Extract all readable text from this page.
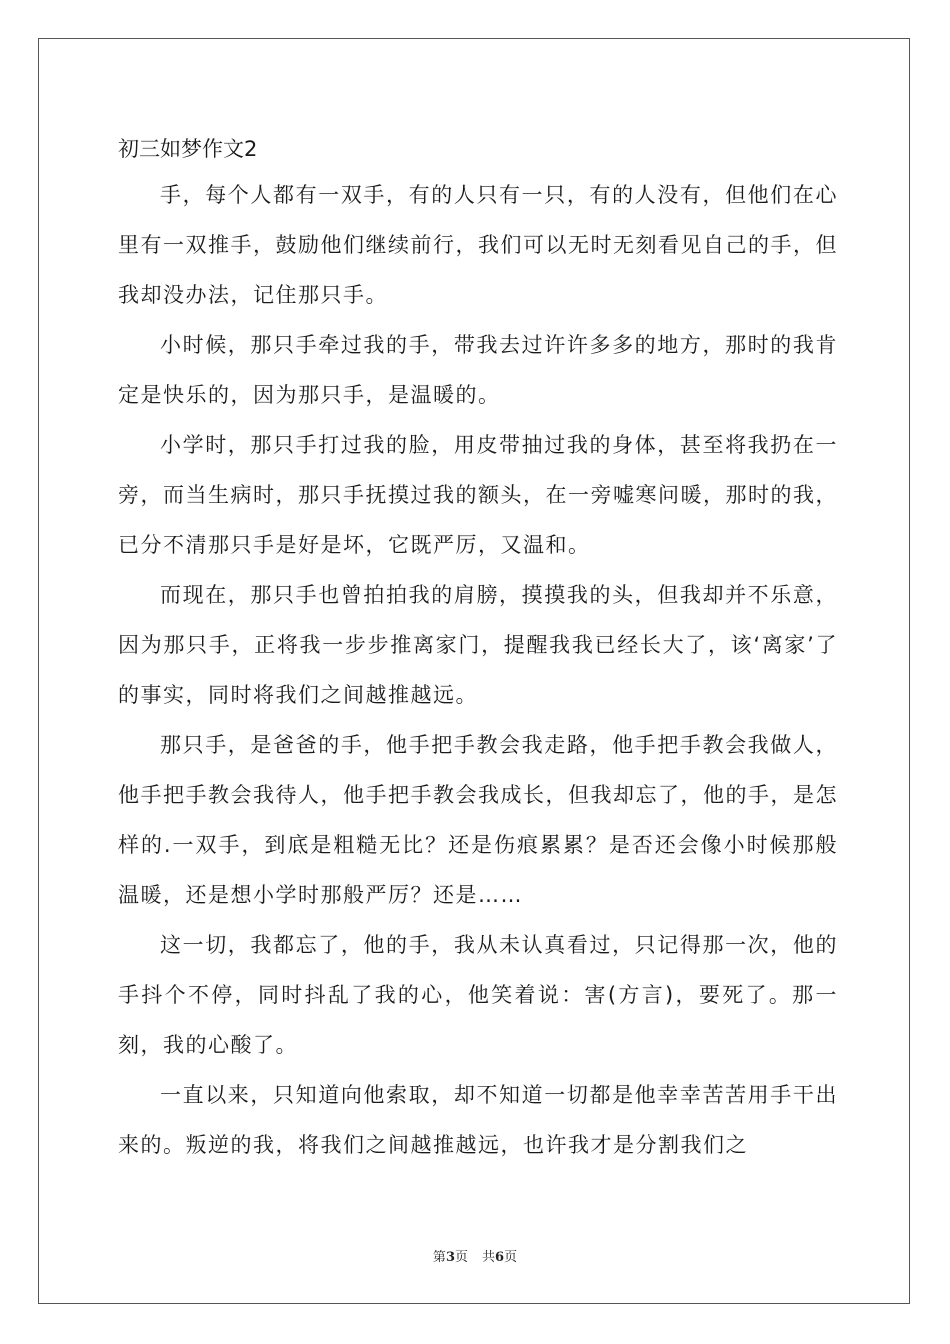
初三如梦作文2

手，每个人都有一双手，有的人只有一只，有的人没有，但他们在心里有一双推手，鼓励他们继续前行，我们可以无时无刻看见自己的手，但我却没办法，记住那只手。

小时候，那只手牵过我的手，带我去过许许多多的地方，那时的我肯定是快乐的，因为那只手，是温暖的。

小学时，那只手打过我的脸，用皮带抽过我的身体，甚至将我扔在一旁，而当生病时，那只手抚摸过我的额头，在一旁嘘寒问暖，那时的我，已分不清那只手是好是坏，它既严厉，又温和。

而现在，那只手也曾拍拍我的肩膀，摸摸我的头，但我却并不乐意，因为那只手，正将我一步步推离家门，提醒我我已经长大了，该‘离家’了的事实，同时将我们之间越推越远。

那只手，是爸爸的手，他手把手教会我走路，他手把手教会我做人，他手把手教会我待人，他手把手教会我成长，但我却忘了，他的手，是怎样的.一双手，到底是粗糙无比？还是伤痕累累？是否还会像小时候那般温暖，还是想小学时那般严厉？还是……

这一切，我都忘了，他的手，我从未认真看过，只记得那一次，他的手抖个不停，同时抖乱了我的心，他笑着说：害(方言)，要死了。那一刻，我的心酸了。

一直以来，只知道向他索取，却不知道一切都是他幸幸苦苦用手干出来的。叛逆的我，将我们之间越推越远，也许我才是分割我们之

第3页 共6页
